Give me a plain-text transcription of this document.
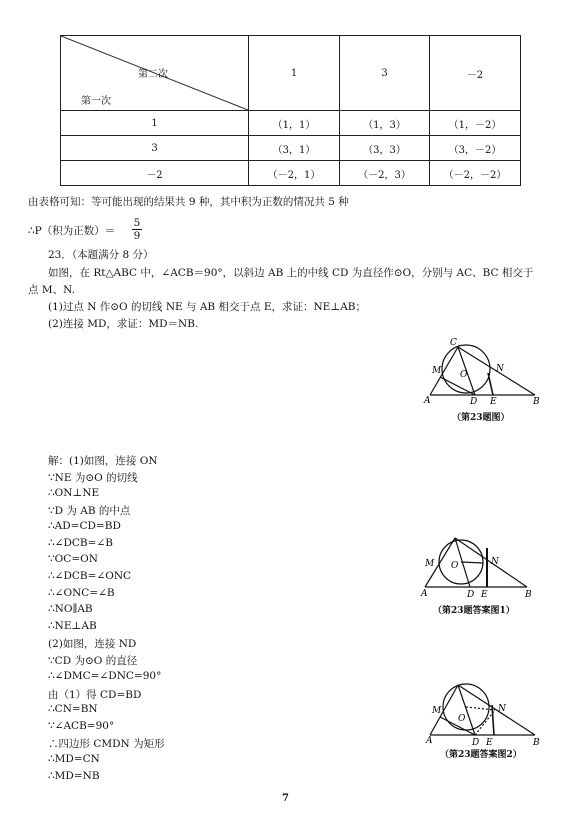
第二次
第一次	1	3	－2
1	（1，1）	（1，3）	（1，－2）
3	（3，1）	（3，3）	（3，－2）
－2	（－2，1）	（－2，3）	（－2，－2）
由表格可知：等可能出现的结果共 9 种，其中积为正数的情况共 5 种
∴P（积为正数）＝ $\frac{5}{9}$
23．（本题满分 8 分）
如图，在 Rt△ABC 中，∠ACB＝90°，以斜边 AB 上的中线 CD 为直径作⊙O，分别与 AC、BC 相交于
点 M、N.
(1)过点 N 作⊙O 的切线 NE 与 AB 相交于点 E，求证：NE⊥AB；
(2)连接 MD，求证：MD＝NB.
C
M	N
O
A	D E	B
（第23题图）
解：(1)如图，连接 ON
∵NE 为⊙O 的切线
∴ON⊥NE
∵D 为 AB 的中点
∴AD=CD=BD
∴∠DCB=∠B
∵OC=ON
∴∠DCB=∠ONC
∴∠ONC=∠B
∴NO∥AB
∴NE⊥AB
(2)如图，连接 ND
∵CD 为⊙O 的直径
∴∠DMC=∠DNC=90°
由（1）得 CD=BD
∴CN=BN
∵∠ACB=90°
∴四边形 CMDN 为矩形
∴MD=CN
∴MD=NB
A
M O	N
D E	B
（第23题答案图1）
M
O
N
A	D E	B
（第23题答案图2）
7
